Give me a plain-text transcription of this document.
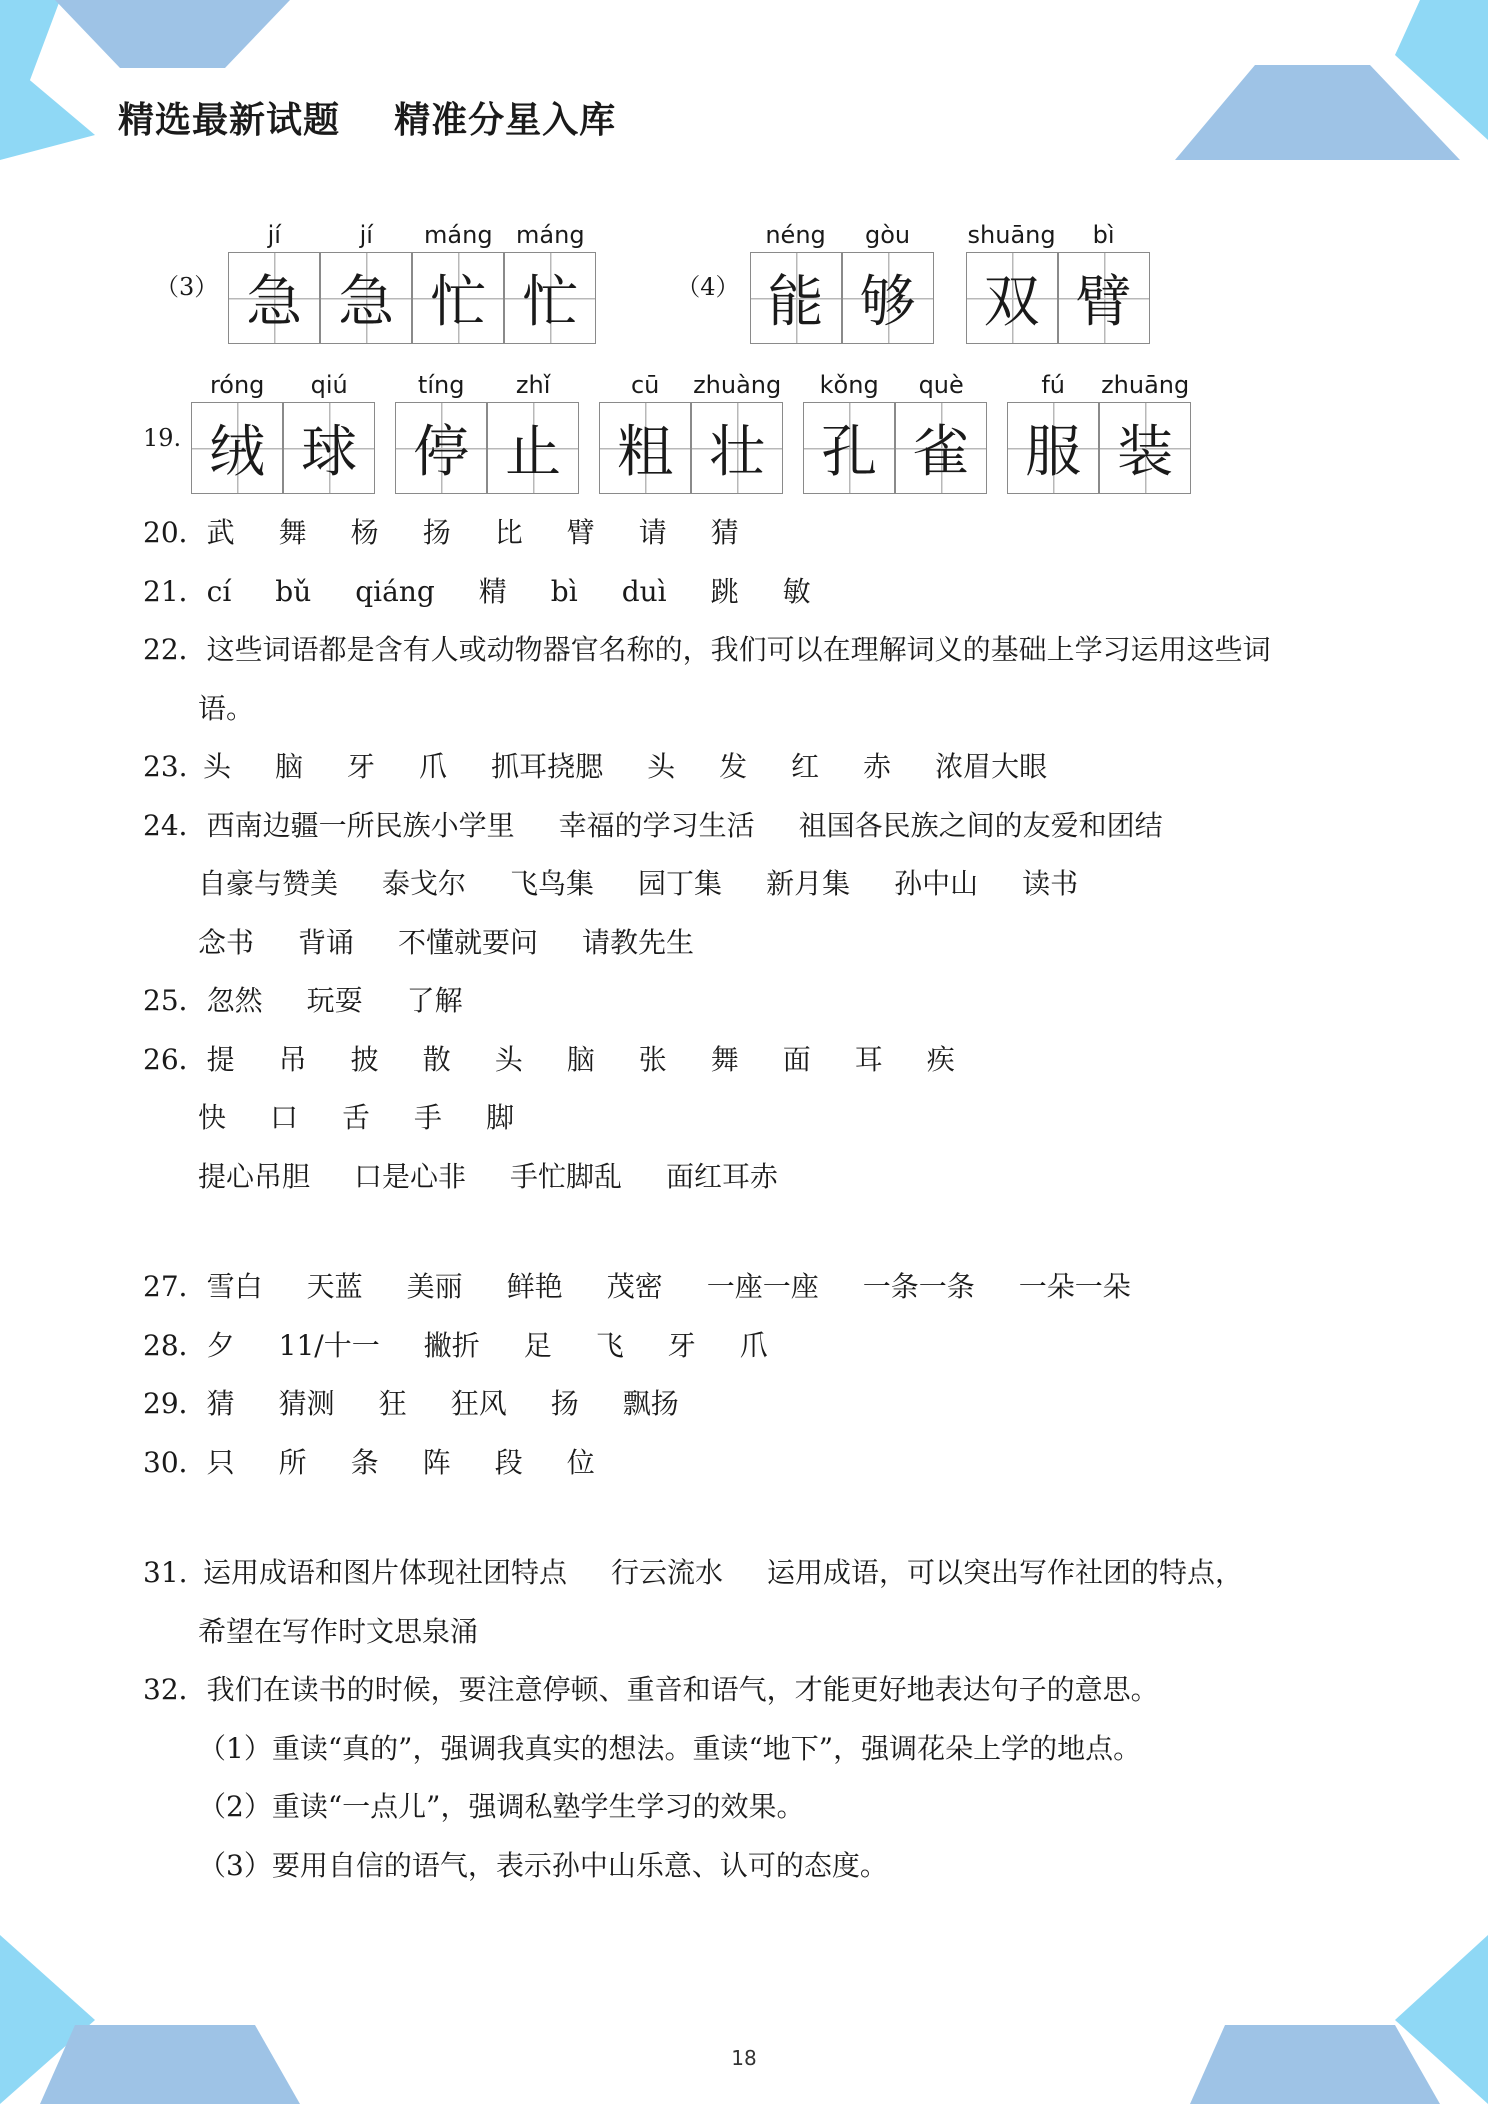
精选最新试题    精准分星入库
（3）
jí
急
jí
急
máng
忙
máng
忙	（4）
néng
能
gòu
够
shuāng
双
bì
臂
19.
róng
绒
qiú
球
tíng
停
zhǐ
止
cū
粗
zhuàng
壮
kǒng
孔
què
雀
fú
服
zhuāng
装
20．武 舞 杨 扬 比 臂 请 猜
21．cí bǔ qiáng 精 bì duì 跳 敏
22．这些词语都是含有人或动物器官名称的，我们可以在理解词义的基础上学习运用这些词
语。
23. 头 脑 牙 爪 抓耳挠腮 头 发 红 赤 浓眉大眼
24．西南边疆一所民族小学里 幸福的学习生活 祖国各民族之间的友爱和团结
自豪与赞美 泰戈尔 飞鸟集 园丁集 新月集 孙中山 读书
念书 背诵 不懂就要问 请教先生
25．忽然 玩耍 了解
26．提 吊 披 散 头 脑 张 舞 面 耳 疾
快 口 舌 手 脚
提心吊胆 口是心非 手忙脚乱 面红耳赤
27．雪白 天蓝 美丽 鲜艳 茂密 一座一座 一条一条 一朵一朵
28．夕 11/十一 撇折 足 飞 牙 爪
29．猜 猜测 狂 狂风 扬 飘扬
30．只 所 条 阵 段 位
31. 运用成语和图片体现社团特点 行云流水 运用成语，可以突出写作社团的特点，
希望在写作时文思泉涌
32．我们在读书的时候，要注意停顿、重音和语气，才能更好地表达句子的意思。
（1）重读“真的”，强调我真实的想法。重读“地下”，强调花朵上学的地点。
（2）重读“一点儿”，强调私塾学生学习的效果。
（3）要用自信的语气，表示孙中山乐意、认可的态度。
18
